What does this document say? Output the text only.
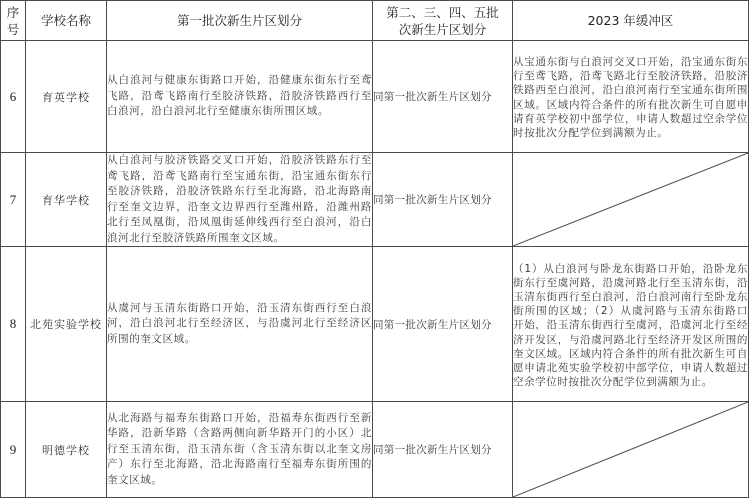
序号	学校名称	第一批次新生片区划分	第二、三、四、五批次新生片区划分	2023 年缓冲区
6	育英学校	从白浪河与健康东街路口开始，沿健康东街东行至鸢飞路，沿鸢飞路南行至胶济铁路，沿胶济铁路西行至白浪河，沿白浪河北行至健康东街所围区域。	同第一批次新生片区划分	从宝通东街与白浪河交叉口开始，沿宝通东街东行至鸢飞路，沿鸢飞路北行至胶济铁路，沿胶济铁路西至白浪河，沿白浪河南行至宝通东街所围区域。区域内符合条件的所有批次新生可自愿申请育英学校初中部学位，申请人数超过空余学位时按批次分配学位到满额为止。
7	育华学校	从白浪河与胶济铁路交叉口开始，沿胶济铁路东行至鸢飞路，沿鸢飞路南行至宝通东街，沿宝通东街东行至胶济铁路，沿胶济铁路东行至北海路，沿北海路南行至奎文边界，沿奎文边界西行至潍州路，沿潍州路北行至凤凰街，沿凤凰街延伸线西行至白浪河，沿白浪河北行至胶济铁路所围奎文区域。	同第一批次新生片区划分	

8	北苑实验学校	从虞河与玉清东街路口开始，沿玉清东街西行至白浪河，沿白浪河北行至经济区，与沿虞河北行至经济区所围的奎文区域。	同第一批次新生片区划分	（1）从白浪河与卧龙东街路口开始，沿卧龙东街东行至虞河路，沿虞河路北行至玉清东街，沿玉清东街西行至白浪河，沿白浪河南行至卧龙东街所围的区域；（2）从虞河路与玉清东街路口开始，沿玉清东街西行至虞河，沿虞河北行至经济开发区，与沿虞河路北行至经济开发区所围的奎文区域。区域内符合条件的所有批次新生可自愿申请北苑实验学校初中部学位，申请人数超过空余学位时按批次分配学位到满额为止。
9	明德学校	从北海路与福寿东街路口开始，沿福寿东街西行至新华路，沿新华路（含路两侧向新华路开门的小区）北行至玉清东街，沿玉清东街（含玉清东街以北奎文房产）东行至北海路，沿北海路南行至福寿东街所围的奎文区域。	同第一批次新生片区划分	
